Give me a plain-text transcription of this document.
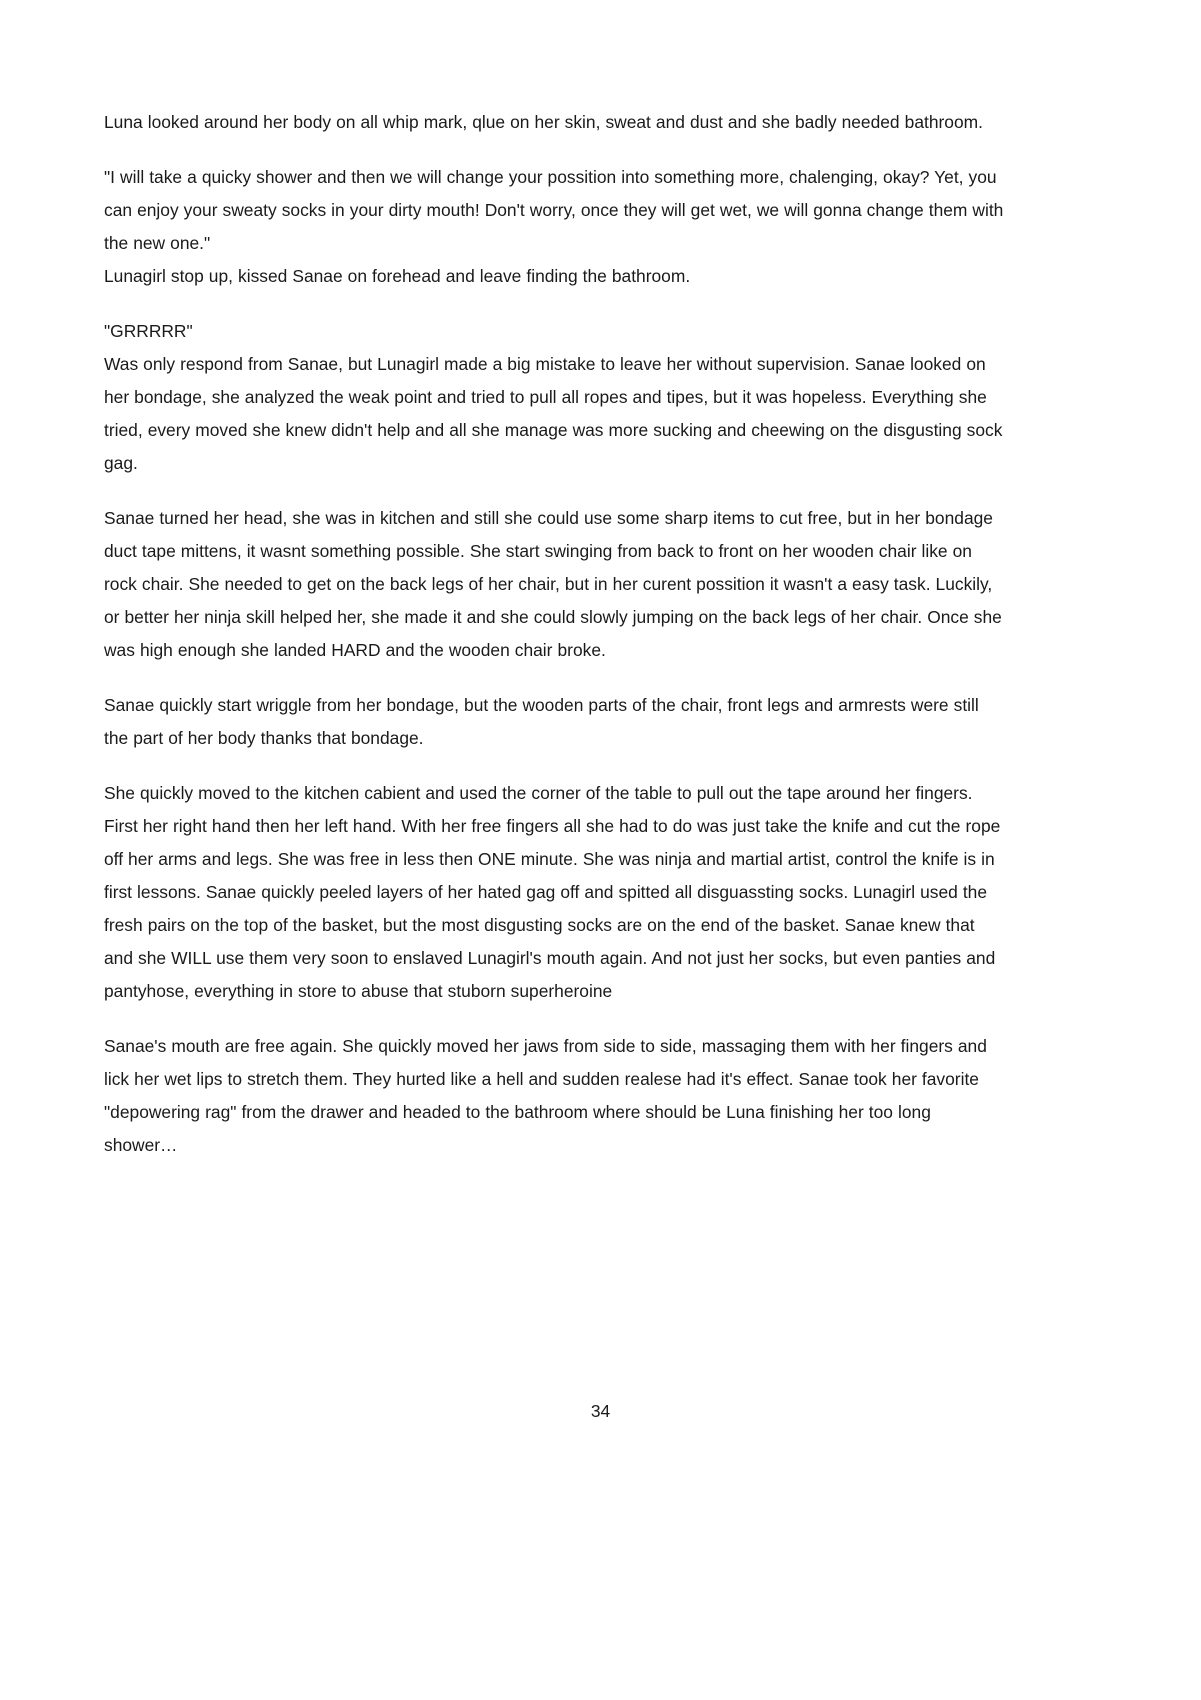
Luna looked around her body on all whip mark, qlue on her skin, sweat and dust and she badly needed bathroom.

"I will take a quicky shower and then we will change your possition into something more, chalenging, okay? Yet, you can enjoy your sweaty socks in your dirty mouth! Don't worry, once they will get wet, we will gonna change them with the new one."

Lunagirl stop up, kissed Sanae on forehead and leave finding the bathroom.

"GRRRRR"

Was only respond from Sanae, but Lunagirl made a big mistake to leave her without supervision. Sanae looked on her bondage, she analyzed the weak point and tried to pull all ropes and tipes, but it was hopeless. Everything she tried, every moved she knew didn't help and all she manage was more sucking and cheewing on the disgusting sock gag.

Sanae turned her head, she was in kitchen and still she could use some sharp items to cut free, but in her bondage duct tape mittens, it wasnt something possible. She start swinging from back to front on her wooden chair like on rock chair. She needed to get on the back legs of her chair, but in her curent possition it wasn't a easy task. Luckily, or better her ninja skill helped her, she made it and she could slowly jumping on the back legs of her chair. Once she was high enough she landed HARD and the wooden chair broke.

Sanae quickly start wriggle from her bondage, but the wooden parts of the chair, front legs and armrests were still the part of her body thanks that bondage.

She quickly moved to the kitchen cabient and used the corner of the table to pull out the tape around her fingers. First her right hand then her left hand. With her free fingers all she had to do was just take the knife and cut the rope off her arms and legs. She was free in less then ONE minute. She was ninja and martial artist, control the knife is in first lessons. Sanae quickly peeled layers of her hated gag off and spitted all disguassting socks. Lunagirl used the fresh pairs on the top of the basket, but the most disgusting socks are on the end of the basket. Sanae knew that and she WILL use them very soon to enslaved Lunagirl's mouth again. And not just her socks, but even panties and pantyhose, everything in store to abuse that stuborn superheroine

Sanae's mouth are free again. She quickly moved her jaws from side to side, massaging them with her fingers and lick her wet lips to stretch them. They hurted like a hell and sudden realese had it's effect. Sanae took her favorite "depowering rag" from the drawer and headed to the bathroom where should be Luna finishing her too long shower…

34
